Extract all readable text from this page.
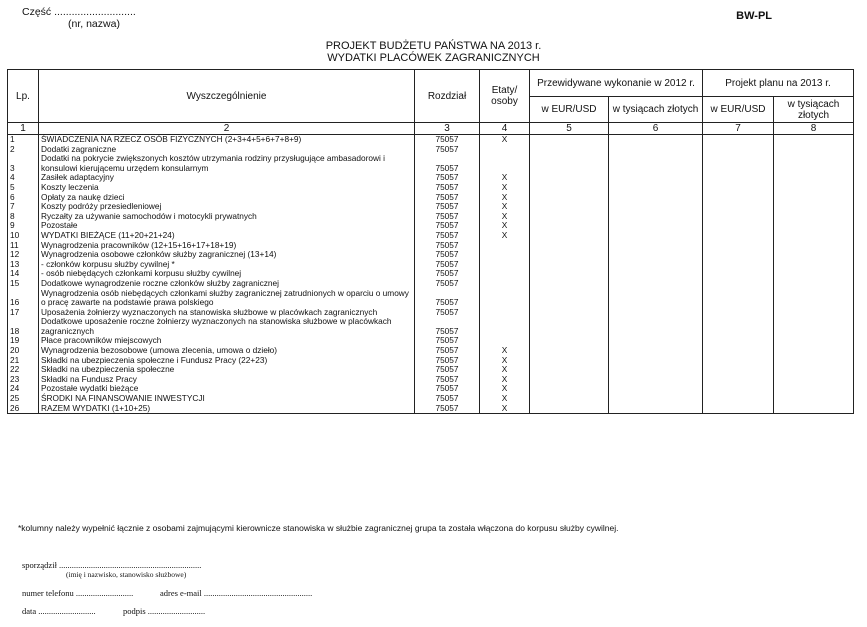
Część ............................
(nr, nazwa)
BW-PL
PROJEKT BUDŻETU PAŃSTWA NA 2013 r.
WYDATKI PLACÓWEK ZAGRANICZNYCH
Lp.	Wyszczególnienie	Rozdział	Etaty/ osoby	Przewidywane wykonanie w 2012 r.		Projekt planu na 2013 r.	
				w EUR/USD	w tysiącach złotych	w EUR/USD	w tysiącach złotych
1	2	3	4	5	6	7	8
1	ŚWIADCZENIA NA RZECZ OSÓB FIZYCZNYCH (2+3+4+5+6+7+8+9)	75057	X				
2	Dodatki zagraniczne	75057					
3	Dodatki na pokrycie zwiększonych kosztów utrzymania rodziny przysługujące ambasadorowi i konsulowi kierującemu urzędem konsularnym	75057					
4	Zasiłek adaptacyjny	75057	X				
5	Koszty leczenia	75057	X				
6	Opłaty za naukę dzieci	75057	X				
7	Koszty podróży przesiedleniowej	75057	X				
8	Ryczałty za używanie samochodów i motocykli prywatnych	75057	X				
9	Pozostałe	75057	X				
10	WYDATKI BIEŻĄCE (11+20+21+24)	75057	X				
11	Wynagrodzenia pracowników (12+15+16+17+18+19)	75057					
12	Wynagrodzenia osobowe członków służby zagranicznej (13+14)	75057					
13	- członków korpusu służby cywilnej *	75057					
14	- osób niebędących członkami korpusu służby cywilnej	75057					
15	Dodatkowe wynagrodzenie roczne członków służby zagranicznej	75057					
16	Wynagrodzenia osób niebędących członkami służby zagranicznej zatrudnionych w oparciu o umowy o pracę zawarte na podstawie prawa polskiego	75057					
17	Uposażenia żołnierzy wyznaczonych na stanowiska służbowe w placówkach zagranicznych	75057					
18	Dodatkowe uposażenie roczne żołnierzy wyznaczonych na stanowiska służbowe w placówkach zagranicznych	75057					
19	Płace pracowników miejscowych	75057					
20	Wynagrodzenia bezosobowe (umowa zlecenia, umowa o dzieło)	75057	X				
21	Składki na ubezpieczenia społeczne i Fundusz Pracy (22+23)	75057	X				
22	Składki na ubezpieczenia społeczne	75057	X				
23	Składki na Fundusz Pracy	75057	X				
24	Pozostałe wydatki bieżące	75057	X				
25	ŚRODKI NA FINANSOWANIE INWESTYCJI	75057	X				
26	RAZEM WYDATKI (1+10+25)	75057	X				
*kolumny należy wypełnić łącznie z osobami zajmującymi kierownicze stanowiska w służbie zagranicznej grupa ta została włączona do korpusu służby cywilnej.
sporządził ...................................................................
(imię i nazwisko, stanowisko służbowe)
numer telefonu ...........................	adres e-mail ...................................................
data ...........................	podpis ...........................
